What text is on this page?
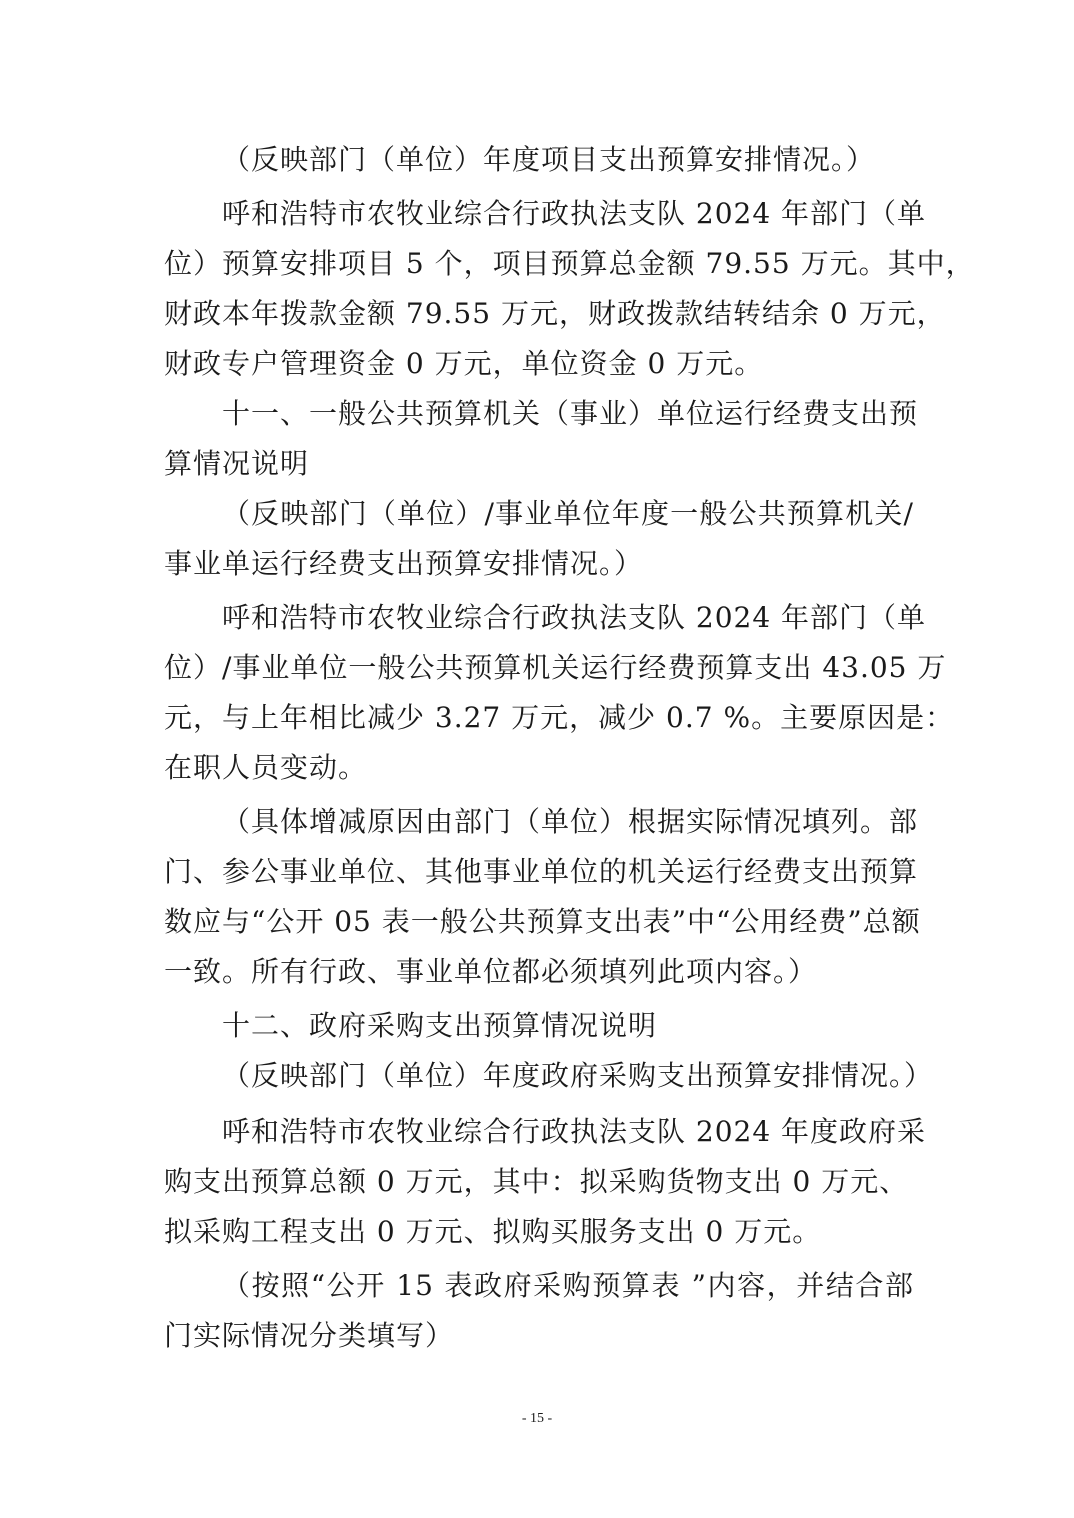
（反映部门（单位）年度项目支出预算安排情况。）
呼和浩特市农牧业综合行政执法支队 2024 年部门（单
位）预算安排项目 5 个，项目预算总金额 79.55 万元。其中，
财政本年拨款金额 79.55 万元，财政拨款结转结余 0 万元，
财政专户管理资金 0 万元，单位资金 0 万元。
十一、一般公共预算机关（事业）单位运行经费支出预
算情况说明
（反映部门（单位）/事业单位年度一般公共预算机关/
事业单运行经费支出预算安排情况。）
呼和浩特市农牧业综合行政执法支队 2024 年部门（单
位）/事业单位一般公共预算机关运行经费预算支出 43.05 万
元，与上年相比减少 3.27 万元，减少 0.7 %。主要原因是：
在职人员变动。
（具体增减原因由部门（单位）根据实际情况填列。部
门、参公事业单位、其他事业单位的机关运行经费支出预算
数应与“公开 05 表一般公共预算支出表”中“公用经费”总额
一致。所有行政、事业单位都必须填列此项内容。）
十二、政府采购支出预算情况说明
（反映部门（单位）年度政府采购支出预算安排情况。）
呼和浩特市农牧业综合行政执法支队 2024 年度政府采
购支出预算总额 0 万元，其中：拟采购货物支出 0 万元、
拟采购工程支出 0 万元、拟购买服务支出 0 万元。
（按照“公开 15 表政府采购预算表 ”内容，并结合部
门实际情况分类填写）
- 15 -
